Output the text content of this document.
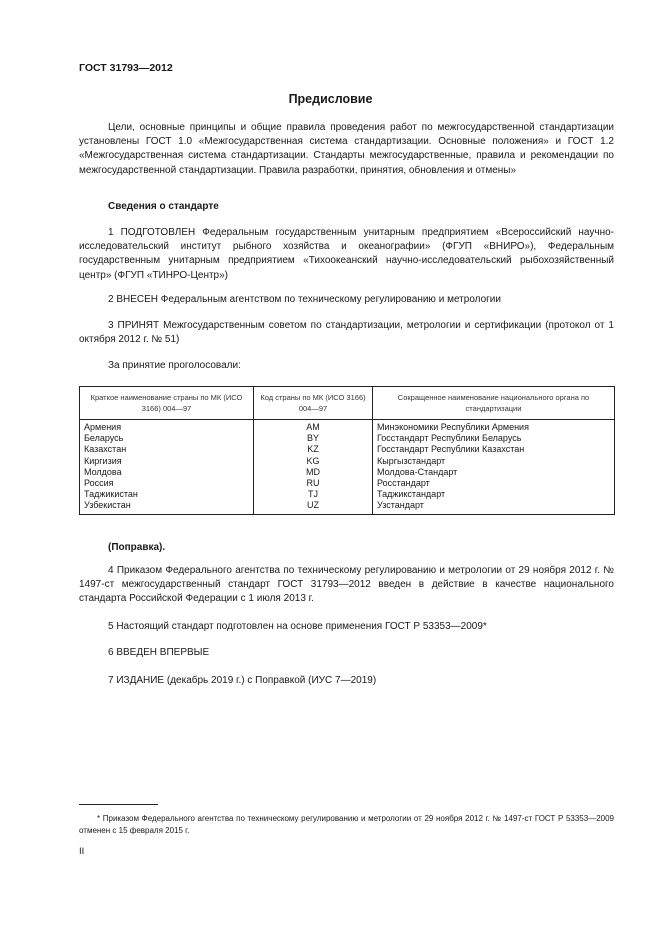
ГОСТ 31793—2012
Предисловие
Цели, основные принципы и общие правила проведения работ по межгосударственной стандартизации установлены ГОСТ 1.0 «Межгосударственная система стандартизации. Основные положения» и ГОСТ 1.2 «Межгосударственная система стандартизации. Стандарты межгосударственные, правила и рекомендации по межгосударственной стандартизации. Правила разработки, принятия, обновления и отмены»
Сведения о стандарте
1 ПОДГОТОВЛЕН Федеральным государственным унитарным предприятием «Всероссийский научно-исследовательский институт рыбного хозяйства и океанографии» (ФГУП «ВНИРО»), Федеральным государственным унитарным предприятием «Тихоокеанский научно-исследовательский рыбохозяйственный центр» (ФГУП «ТИНРО-Центр»)
2 ВНЕСЕН Федеральным агентством по техническому регулированию и метрологии
3 ПРИНЯТ Межгосударственным советом по стандартизации, метрологии и сертификации (протокол от 1 октября 2012 г. № 51)
За принятие проголосовали:
Краткое наименование страны по МК (ИСО 3166) 004—97	Код страны по МК (ИСО 3166) 004—97	Сокращенное наименование национального органа по стандартизации
Армения	AM	Минэкономики Республики Армения
Беларусь	BY	Госстандарт Республики Беларусь
Казахстан	KZ	Госстандарт Республики Казахстан
Киргизия	KG	Кыргызстандарт
Молдова	MD	Молдова-Стандарт
Россия	RU	Росстандарт
Таджикистан	TJ	Таджикстандарт
Узбекистан	UZ	Узстандарт
(Поправка).
4 Приказом Федерального агентства по техническому регулированию и метрологии от 29 ноября 2012 г. № 1497-ст межгосударственный стандарт ГОСТ 31793—2012 введен в действие в качестве национального стандарта Российской Федерации с 1 июля 2013 г.
5 Настоящий стандарт подготовлен на основе применения ГОСТ Р 53353—2009*
6 ВВЕДЕН ВПЕРВЫЕ
7 ИЗДАНИЕ (декабрь 2019 г.) с Поправкой (ИУС 7—2019)
* Приказом Федерального агентства по техническому регулированию и метрологии от 29 ноября 2012 г. № 1497-ст ГОСТ Р 53353—2009 отменен с 15 февраля 2015 г.
II
